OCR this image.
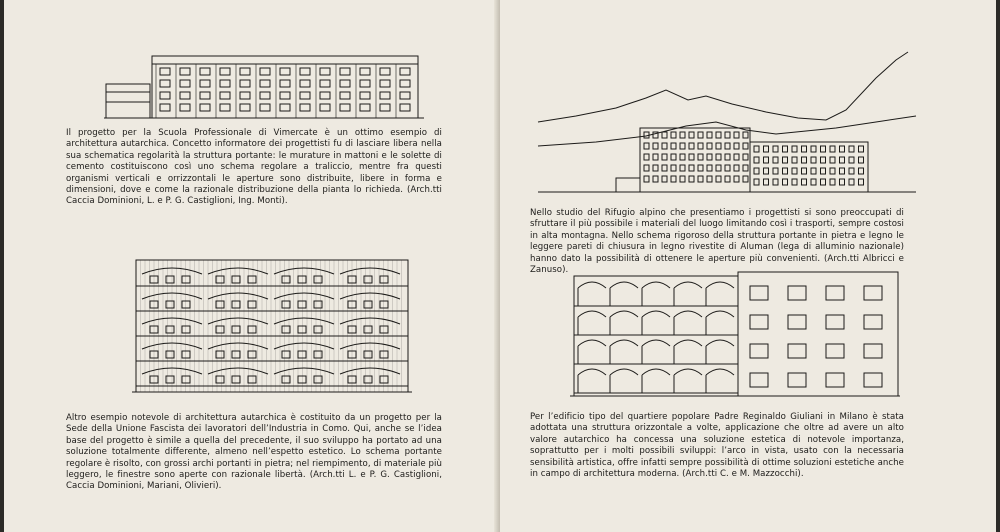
Il progetto per la Scuola Professionale di Vimercate è un ottimo esempio di architettura autarchica. Concetto informatore dei progettisti fu di lasciare libera nella sua schematica regolarità la struttura portante: le murature in mattoni e le solette di cemento costituiscono così uno schema regolare a traliccio, mentre fra questi organismi verticali e orrizzontali le aperture sono distribuite, libere in forma e dimensioni, dove e come la razionale distribuzione della pianta lo richieda. (Arch.tti Caccia Dominioni, L. e P. G. Castiglioni, Ing. Monti).
Altro esempio notevole di architettura autarchica è costituito da un progetto per la Sede della Unione Fascista dei lavoratori dell’Industria in Como. Qui, anche se l’idea base del progetto è simile a quella del precedente, il suo sviluppo ha portato ad una soluzione totalmente differente, almeno nell’espetto estetico. Lo schema portante regolare è risolto, con grossi archi portanti in pietra; nel riempimento, di materiale più leggero, le finestre sono aperte con razionale libertà. (Arch.tti L. e P. G. Castiglioni, Caccia Dominioni, Mariani, Olivieri).
Nello studio del Rifugio alpino che presentiamo i progettisti si sono preoccupati di sfruttare il più possibile i materiali del luogo limitando così i trasporti, sempre costosi in alta montagna. Nello schema rigoroso della struttura portante in pietra e legno le leggere pareti di chiusura in legno rivestite di Aluman (lega di alluminio nazionale) hanno dato la possibilità di ottenere le aperture più convenienti. (Arch.tti Albricci e Zanuso).
Per l’edificio tipo del quartiere popolare Padre Reginaldo Giuliani in Milano è stata adottata una struttura orizzontale a volte, applicazione che oltre ad avere un alto valore autarchico ha concessa una soluzione estetica di notevole importanza, soprattutto per i molti possibili sviluppi: l’arco in vista, usato con la necessaria sensibilità artistica, offre infatti sempre possibilità di ottime soluzioni estetiche anche in campo di architettura moderna. (Arch.tti C. e M. Mazzocchi).
